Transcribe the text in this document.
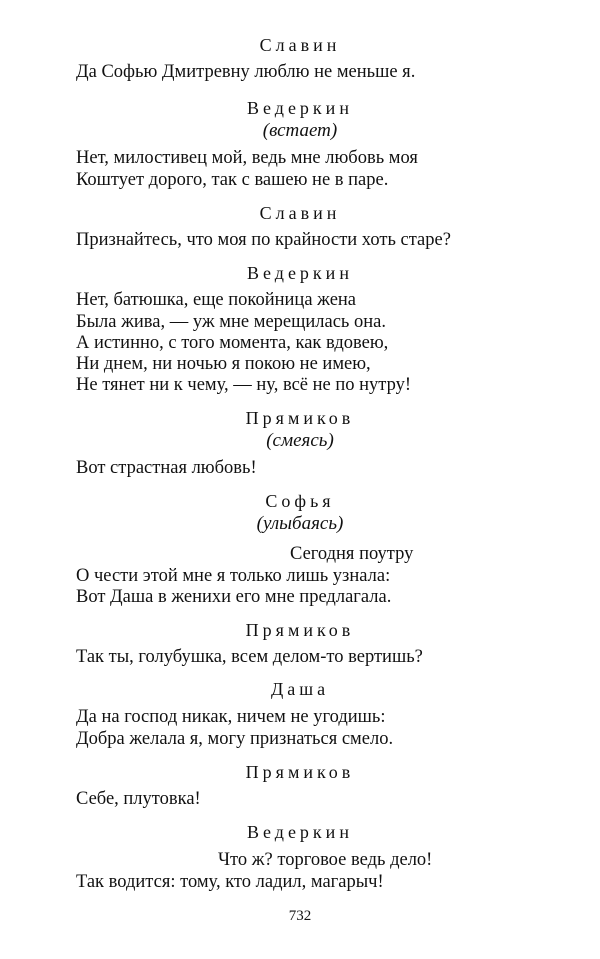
Славин
Да Софью Дмитревну люблю не меньше я.
Ведеркин
(встает)
Нет, милостивец мой, ведь мне любовь моя
Коштует дорого, так с вашею не в паре.
Славин
Признайтесь, что моя по крайности хоть старе?
Ведеркин
Нет, батюшка, еще покойница жена
Была жива, — уж мне мерещилась она.
А истинно, с того момента, как вдовею,
Ни днем, ни ночью я покою не имею,
Не тянет ни к чему, — ну, всё не по нутру!
Прямиков
(смеясь)
Вот страстная любовь!
Софья
(улыбаясь)
Сегодня поутру
О чести этой мне я только лишь узнала:
Вот Даша в женихи его мне предлагала.
Прямиков
Так ты, голубушка, всем делом-то вертишь?
Даша
Да на господ никак, ничем не угодишь:
Добра желала я, могу признаться смело.
Прямиков
Себе, плутовка!
Ведеркин
Что ж? торговое ведь дело!
Так водится: тому, кто ладил, магарыч!
732
